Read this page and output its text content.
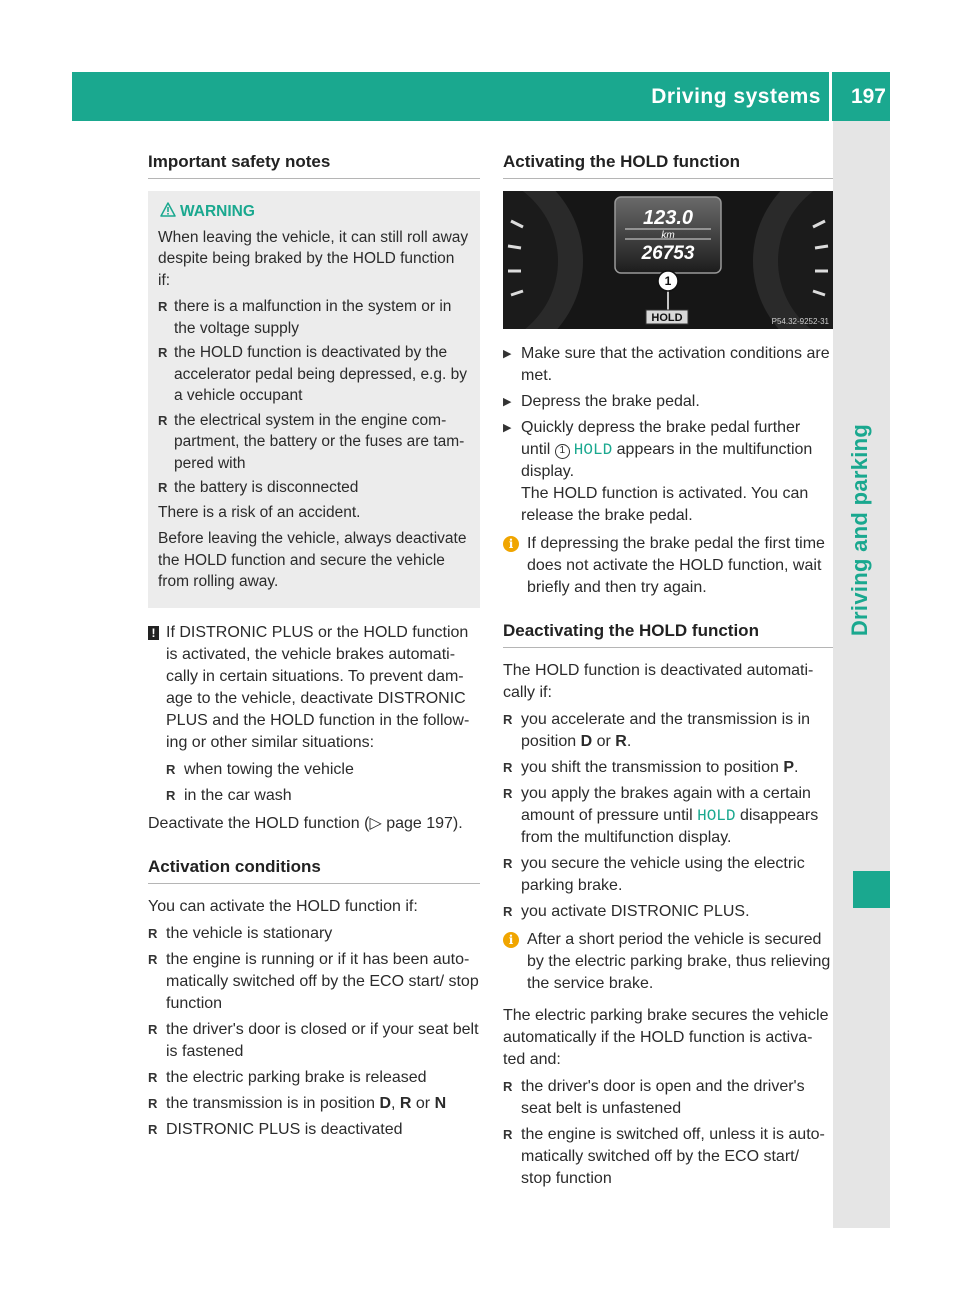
Driving systems 197
Driving and parking
Important safety notes
WARNING

When leaving the vehicle, it can still roll away despite being braked by the HOLD function if:

R there is a malfunction in the system or in the voltage supply
R the HOLD function is deactivated by the accelerator pedal being depressed, e.g. by a vehicle occupant
R the electrical system in the engine com-partment, the battery or the fuses are tam-pered with
R the battery is disconnected

There is a risk of an accident.

Before leaving the vehicle, always deactivate the HOLD function and secure the vehicle from rolling away.

! If DISTRONIC PLUS or the HOLD function is activated, the vehicle brakes automati-cally in certain situations. To prevent dam-age to the vehicle, deactivate DISTRONIC PLUS and the HOLD function in the follow-ing or other similar situations:

R when towing the vehicle
R in the car wash

Deactivate the HOLD function (▷ page 197).

Activation conditions

You can activate the HOLD function if:

R the vehicle is stationary
R the engine is running or if it has been auto-matically switched off by the ECO start/ stop function
R the driver's door is closed or if your seat belt is fastened
R the electric parking brake is released
R the transmission is in position D, R or N
R DISTRONIC PLUS is deactivated
Activating the HOLD function
123.0
km
26753
1
HOLD	P54.32-9252-31
▶ Make sure that the activation conditions are met.
▶ Depress the brake pedal.
▶ Quickly depress the brake pedal further until 1 HOLD appears in the multifunction display.
The HOLD function is activated. You can release the brake pedal.
i If depressing the brake pedal the first time does not activate the HOLD function, wait briefly and then try again.

Deactivating the HOLD function

The HOLD function is deactivated automati-cally if:

R you accelerate and the transmission is in position D or R.
R you shift the transmission to position P.
R you apply the brakes again with a certain amount of pressure until HOLD disappears from the multifunction display.
R you secure the vehicle using the electric parking brake.
R you activate DISTRONIC PLUS.
i After a short period the vehicle is secured by the electric parking brake, thus relieving the service brake.

The electric parking brake secures the vehicle automatically if the HOLD function is activa-ted and:

R the driver's door is open and the driver's seat belt is unfastened
R the engine is switched off, unless it is auto-matically switched off by the ECO start/ stop function
